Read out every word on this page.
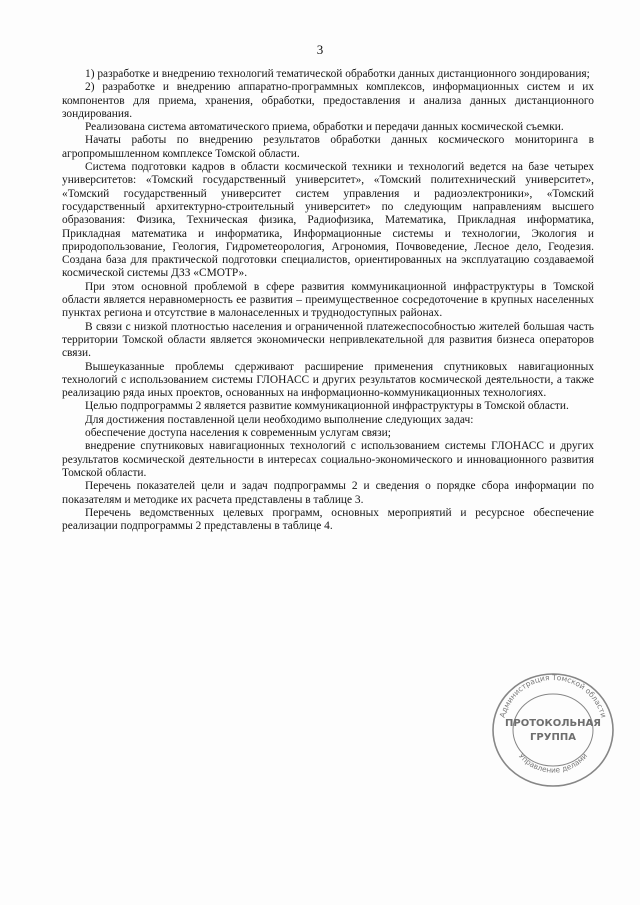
3

1) разработке и внедрению технологий тематической обработки данных дистанционного зондирования;

2) разработке и внедрению аппаратно-программных комплексов, информационных систем и их компонентов для приема, хранения, обработки, предоставления и анализа данных дистанционного зондирования.

Реализована система автоматического приема, обработки и передачи данных космической съемки.

Начаты работы по внедрению результатов обработки данных космического мониторинга в агропромышленном комплексе Томской области.

Система подготовки кадров в области космической техники и технологий ведется на базе четырех университетов: «Томский государственный университет», «Томский политехнический университет», «Томский государственный университет систем управления и радиоэлектроники», «Томский государственный архитектурно-строительный университет» по следующим направлениям высшего образования: Физика, Техническая физика, Радиофизика, Математика, Прикладная информатика, Прикладная математика и информатика, Информационные системы и технологии, Экология и природопользование, Геология, Гидрометеорология, Агрономия, Почвоведение, Лесное дело, Геодезия. Создана база для практической подготовки специалистов, ориентированных на эксплуатацию создаваемой космической системы ДЗЗ «СМОТР».

При этом основной проблемой в сфере развития коммуникационной инфраструктуры в Томской области является неравномерность ее развития – преимущественное сосредоточение в крупных населенных пунктах региона и отсутствие в малонаселенных и труднодоступных районах.

В связи с низкой плотностью населения и ограниченной платежеспособностью жителей большая часть территории Томской области является экономически непривлекательной для развития бизнеса операторов связи.

Вышеуказанные проблемы сдерживают расширение применения спутниковых навигационных технологий с использованием системы ГЛОНАСС и других результатов космической деятельности, а также реализацию ряда иных проектов, основанных на информационно-коммуникационных технологиях.

Целью подпрограммы 2 является развитие коммуникационной инфраструктуры в Томской области.

Для достижения поставленной цели необходимо выполнение следующих задач:

обеспечение доступа населения к современным услугам связи;

внедрение спутниковых навигационных технологий с использованием системы ГЛОНАСС и других результатов космической деятельности в интересах социально-экономического и инновационного развития Томской области.

Перечень показателей цели и задач подпрограммы 2 и сведения о порядке сбора информации по показателям и методике их расчета представлены в таблице 3.

Перечень ведомственных целевых программ, основных мероприятий и ресурсное обеспечение реализации подпрограммы 2 представлены в таблице 4.

Администрация Томской области
Управление делами
ПРОТОКОЛЬНАЯ
ГРУППА
